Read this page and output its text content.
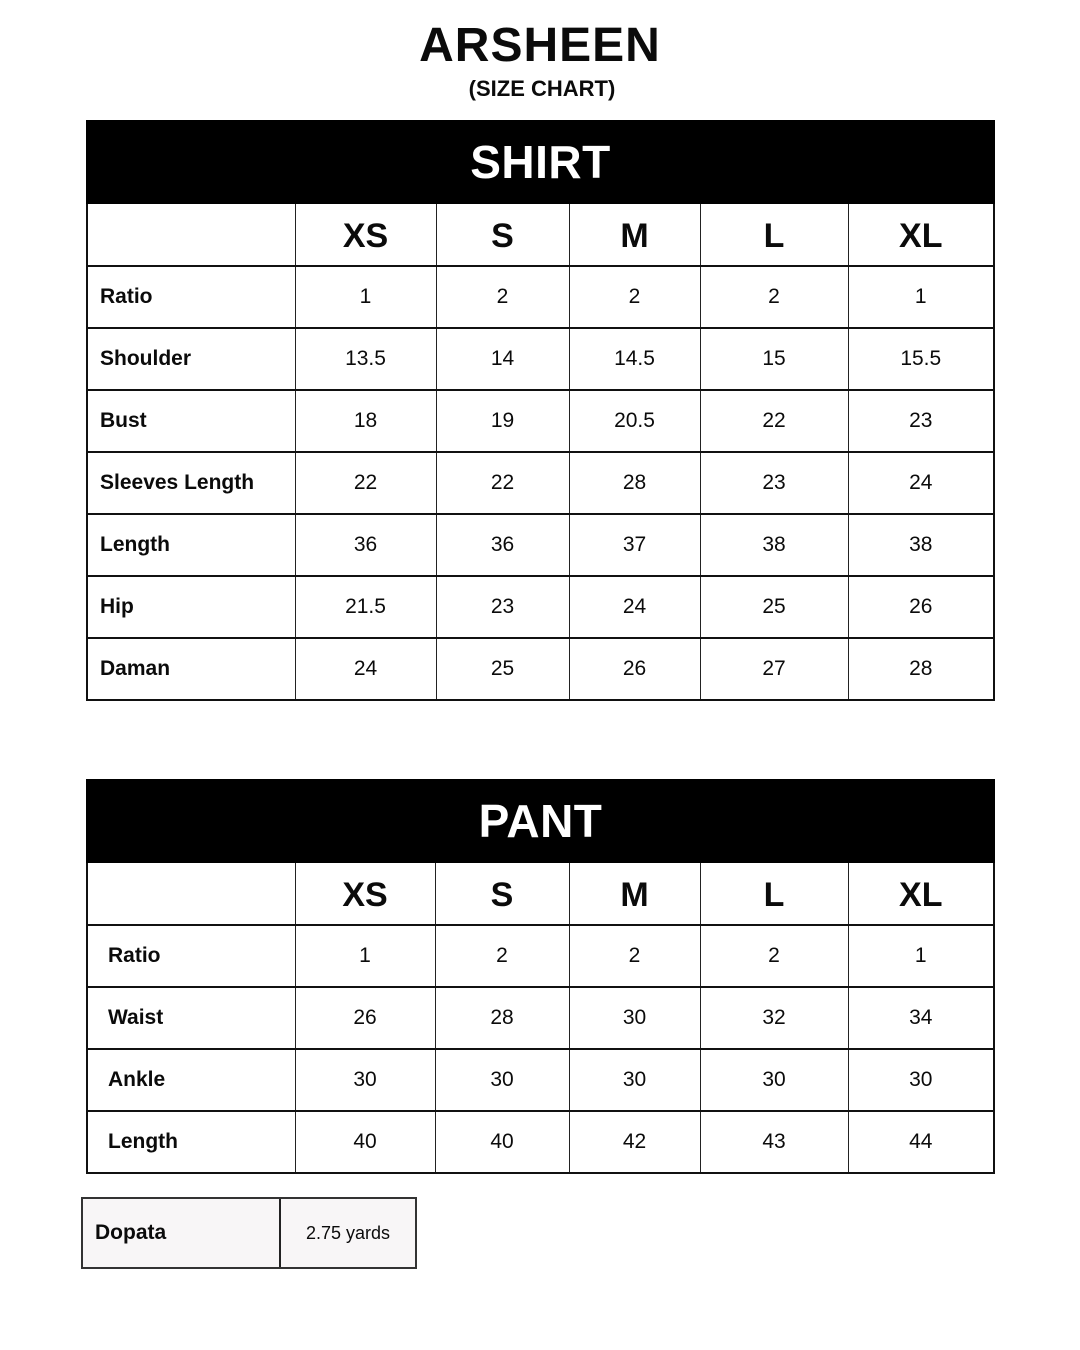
ARSHEEN
(SIZE CHART)
SHIRT					
	XS	S	M	L	XL
Ratio	1	2	2	2	1
Shoulder	13.5	14	14.5	15	15.5
Bust	18	19	20.5	22	23
Sleeves Length	22	22	28	23	24
Length	36	36	37	38	38
Hip	21.5	23	24	25	26
Daman	24	25	26	27	28
PANT					
	XS	S	M	L	XL
Ratio	1	2	2	2	1
Waist	26	28	30	32	34
Ankle	30	30	30	30	30
Length	40	40	42	43	44
Dopata	2.75 yards
